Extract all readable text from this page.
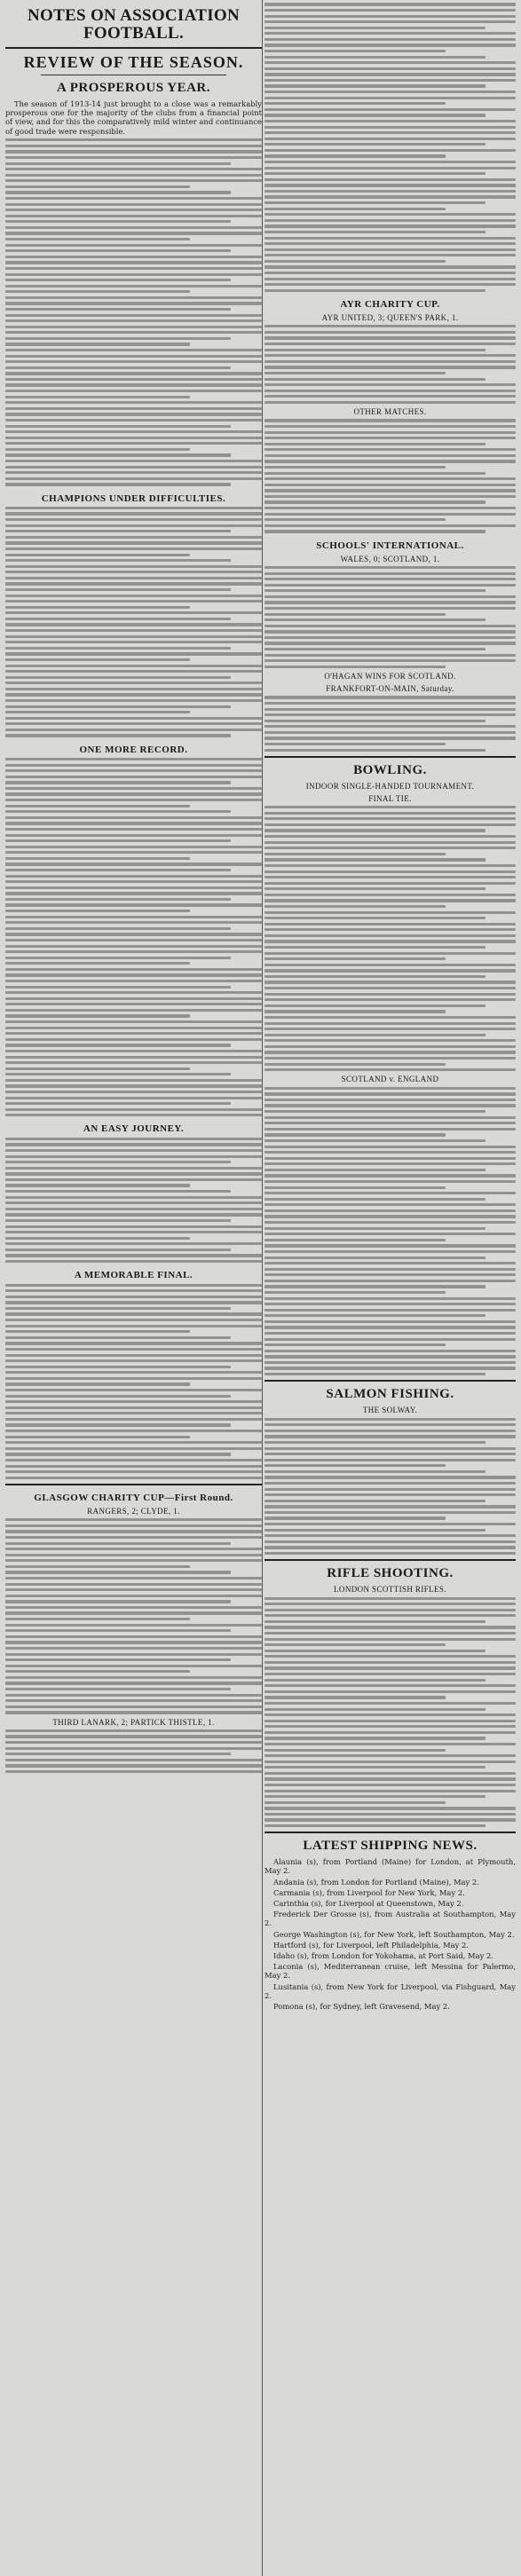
NOTES ON ASSOCIATION FOOTBALL.
REVIEW OF THE SEASON.
A PROSPEROUS YEAR.

The season of 1913-14 just brought to a close was a remarkably prosperous one for the majority of the clubs from a financial point of view, and for this the comparatively mild winter and continuance of good trade were responsible.

CHAMPIONS UNDER DIFFICULTIES.
ONE MORE RECORD.
AN EASY JOURNEY.
A MEMORABLE FINAL.
GLASGOW CHARITY CUP—First Round.
RANGERS, 2; CLYDE, 1.
THIRD LANARK, 2; PARTICK THISTLE, 1.
AYR CHARITY CUP.
AYR UNITED, 3; QUEEN'S PARK, 1.
OTHER MATCHES.
SCHOOLS' INTERNATIONAL.
WALES, 0; SCOTLAND, 1.
O'HAGAN WINS FOR SCOTLAND.
FRANKFORT-ON-MAIN, Saturday.
BOWLING.
INDOOR SINGLE-HANDED TOURNAMENT.
FINAL TIE.
SCOTLAND v. ENGLAND
SALMON FISHING.
THE SOLWAY.
RIFLE SHOOTING.
LONDON SCOTTISH RIFLES.
LATEST SHIPPING NEWS.

Alaunia (s), from Portland (Maine) for London, at Plymouth, May 2.

Andania (s), from London for Portland (Maine), May 2.

Carmania (s), from Liverpool for New York, May 2.

Carinthia (s), for Liverpool at Queenstown, May 2.

Frederick Der Grosse (s), from Australia at Southampton, May 2.

George Washington (s), for New York, left Southampton, May 2.

Hartford (s), for Liverpool, left Philadelphia, May 2.

Idaho (s), from London for Yokohama, at Port Said, May 2.

Laconia (s), Mediterranean cruise, left Messina for Palermo, May 2.

Lusitania (s), from New York for Liverpool, via Fishguard, May 2.

Pomona (s), for Sydney, left Gravesend, May 2.
